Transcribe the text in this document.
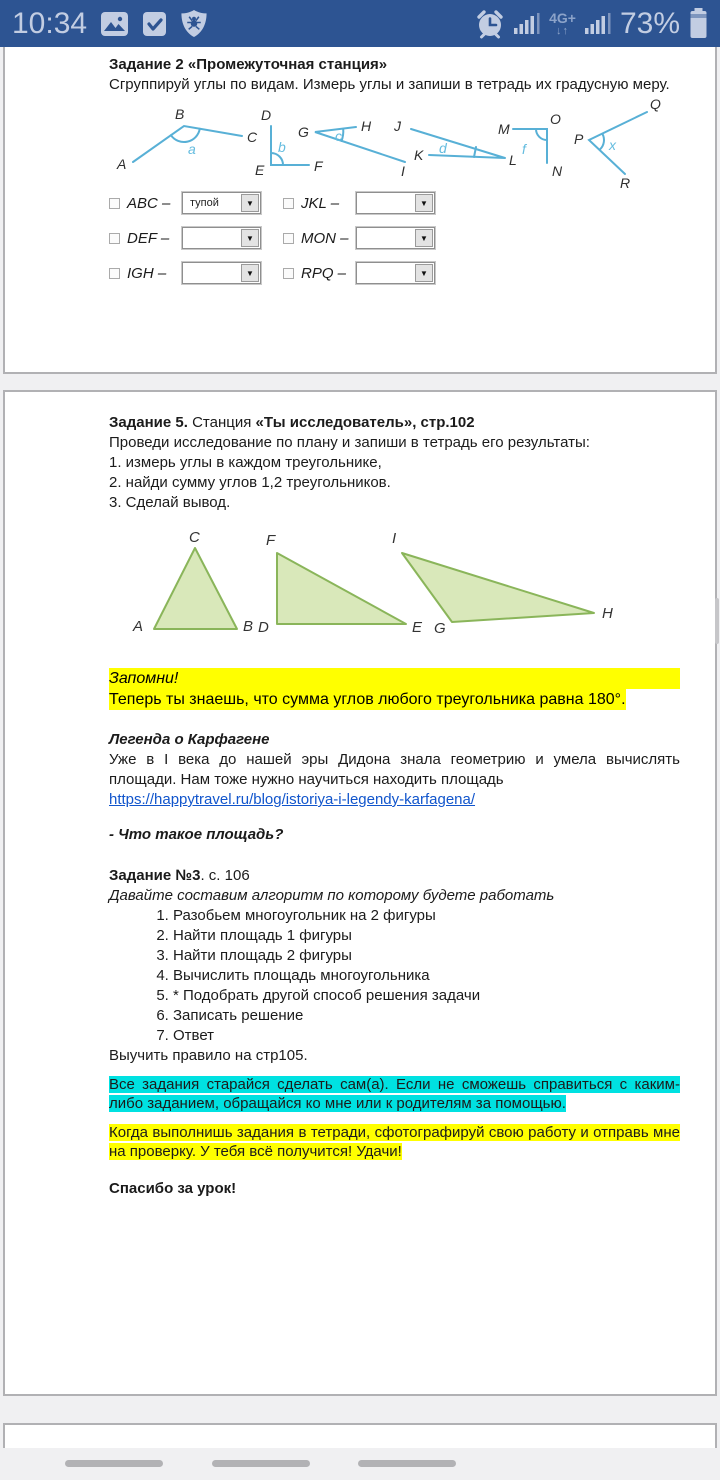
10:34	4G+
↓↑ 73%
Задание 2 «Промежуточная станция»

Сгруппируй углы по видам. Измерь углы и запиши в тетрадь их градусную меру.

A
B
C
D
E	F
G	H
I
J
K	L
M
N
O
P
Q
R
a	b
c
d	f	x
ABC –	тупой	▼	JKL –	▼
DEF –	▼	MON –	▼
IGH –	▼	RPQ –	▼
Задание 5. Станция «Ты исследователь», стр.102

Проведи исследование по плану и запиши в тетрадь его результаты:

1. измерь углы в каждом треугольнике,

2. найди сумму углов 1,2 треугольников.

3. Сделай вывод.

A	B
C
D	E
F
G
H
I
Запомни!
Теперь ты знаешь, что сумма углов любого треугольника равна 180°.

Легенда о Карфагене

Уже в I века до нашей эры Дидона знала геометрию и умела вычислять площади. Нам тоже нужно научиться находить площадь

https://happytravel.ru/blog/istoriya-i-legendy-karfagena/

- Что такое площадь?

Задание №3. с. 106

Давайте составим алгоритм по которому будете работать

1. Разобьем многоугольник на 2 фигуры
2. Найти площадь 1 фигуры
3. Найти площадь 2 фигуры
4. Вычислить площадь многоугольника
5. * Подобрать другой способ решения задачи
6. Записать решение
7. Ответ

Выучить правило на стр105.

Все задания старайся сделать сам(а). Если не сможешь справиться с каким-либо заданием, обращайся ко мне или к родителям за помощью.

Когда выполнишь задания в тетради, сфотографируй свою работу и отправь мне на проверку. У тебя всё получится! Удачи!

Спасибо за урок!
